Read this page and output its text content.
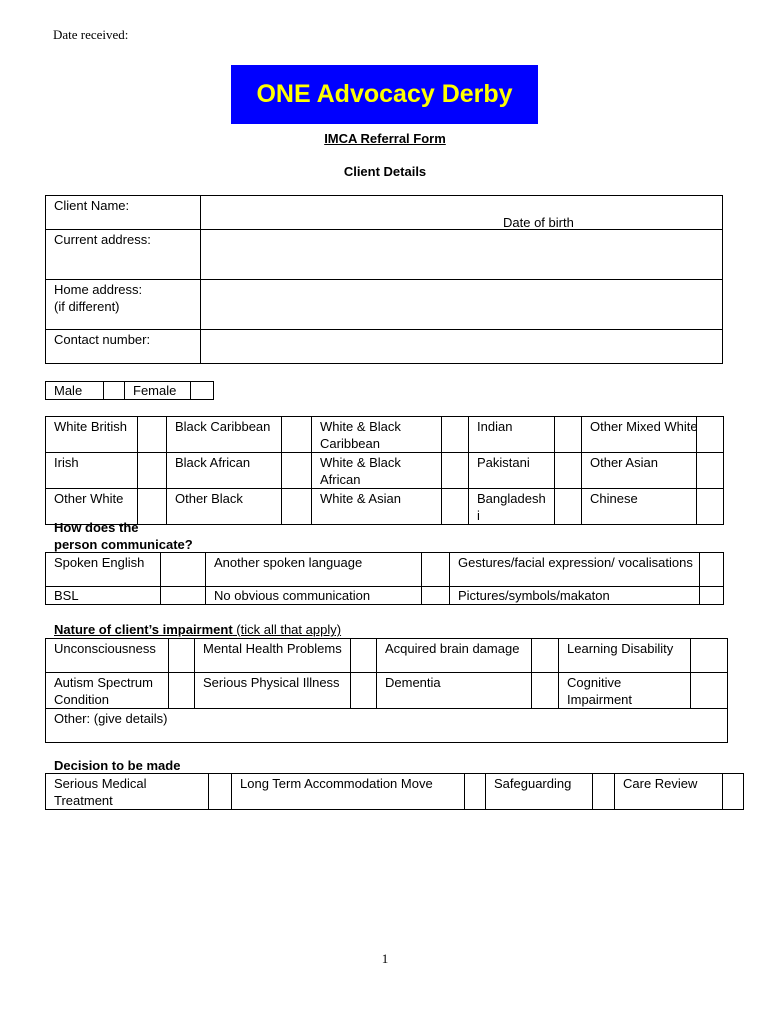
Date received:
ONE Advocacy Derby
IMCA Referral Form
Client Details
Client Name:	Date of birth

Current address:	

Home address:
(if different)	

Contact number:	
Male		Female	
White British		Black Caribbean		White & Black Caribbean		Indian		Other Mixed White

Irish		Black African		White & Black African		Pakistani		Other Asian

Other White		Other Black		White & Asian		Bangladesh i		Chinese
How does the
person communicate?
Spoken English		Another spoken language		Gestures/facial expression/ vocalisations	
BSL		No obvious communication		Pictures/symbols/makaton	
Nature of client’s impairment (tick all that apply)
Unconsciousness		Mental Health Problems		Acquired brain damage		Learning Disability	
Autism Spectrum Condition		Serious Physical Illness		Dementia		Cognitive Impairment	
Other: (give details)							
Decision to be made
Serious Medical Treatment		Long Term Accommodation Move		Safeguarding		Care Review	
1
